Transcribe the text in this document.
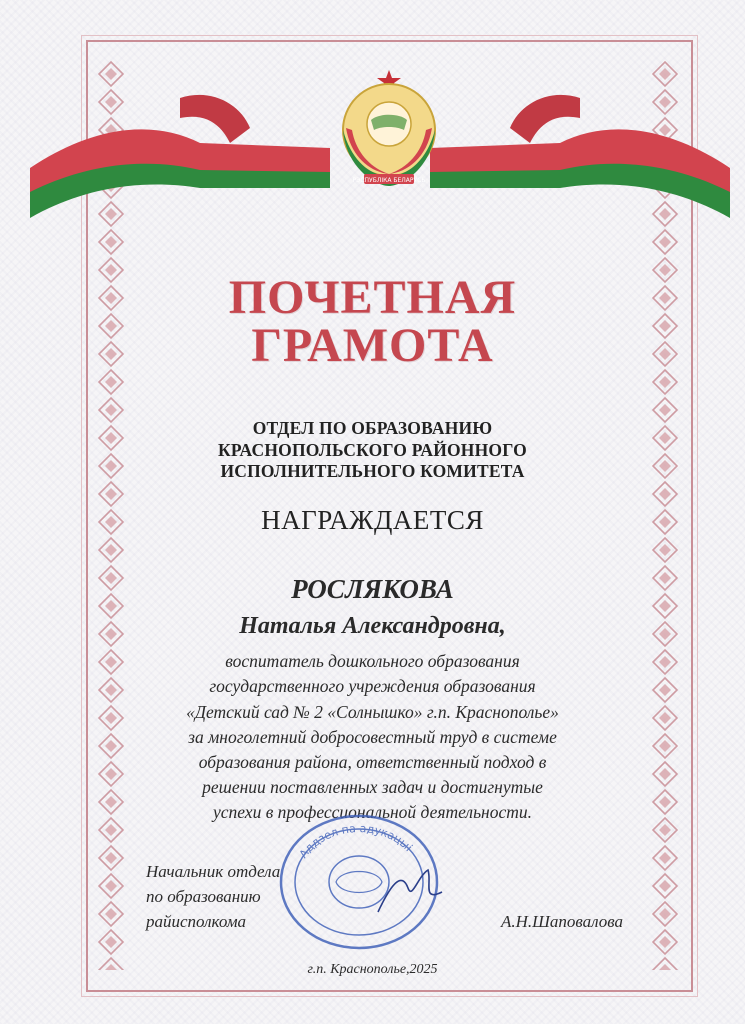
РЭСПУБЛІКА БЕЛАРУСЬ
ПОЧЕТНАЯ
ГРАМОТА
ОТДЕЛ ПО ОБРАЗОВАНИЮ
КРАСНОПОЛЬСКОГО РАЙОННОГО
ИСПОЛНИТЕЛЬНОГО КОМИТЕТА
НАГРАЖДАЕТСЯ
РОСЛЯКОВА
Наталья Александровна,
воспитатель дошкольного образования
государственного учреждения образования
«Детский сад № 2 «Солнышко» г.п. Краснополье»
за многолетний добросовестный труд в системе
образования района, ответственный подход в
решении поставленных задач и достигнутые
успехи в профессиональной деятельности.
Аддзел па адукацыі
Начальник отдела
по образованию
райисполкома	А.Н.Шаповалова
г.п. Краснополье,2025
